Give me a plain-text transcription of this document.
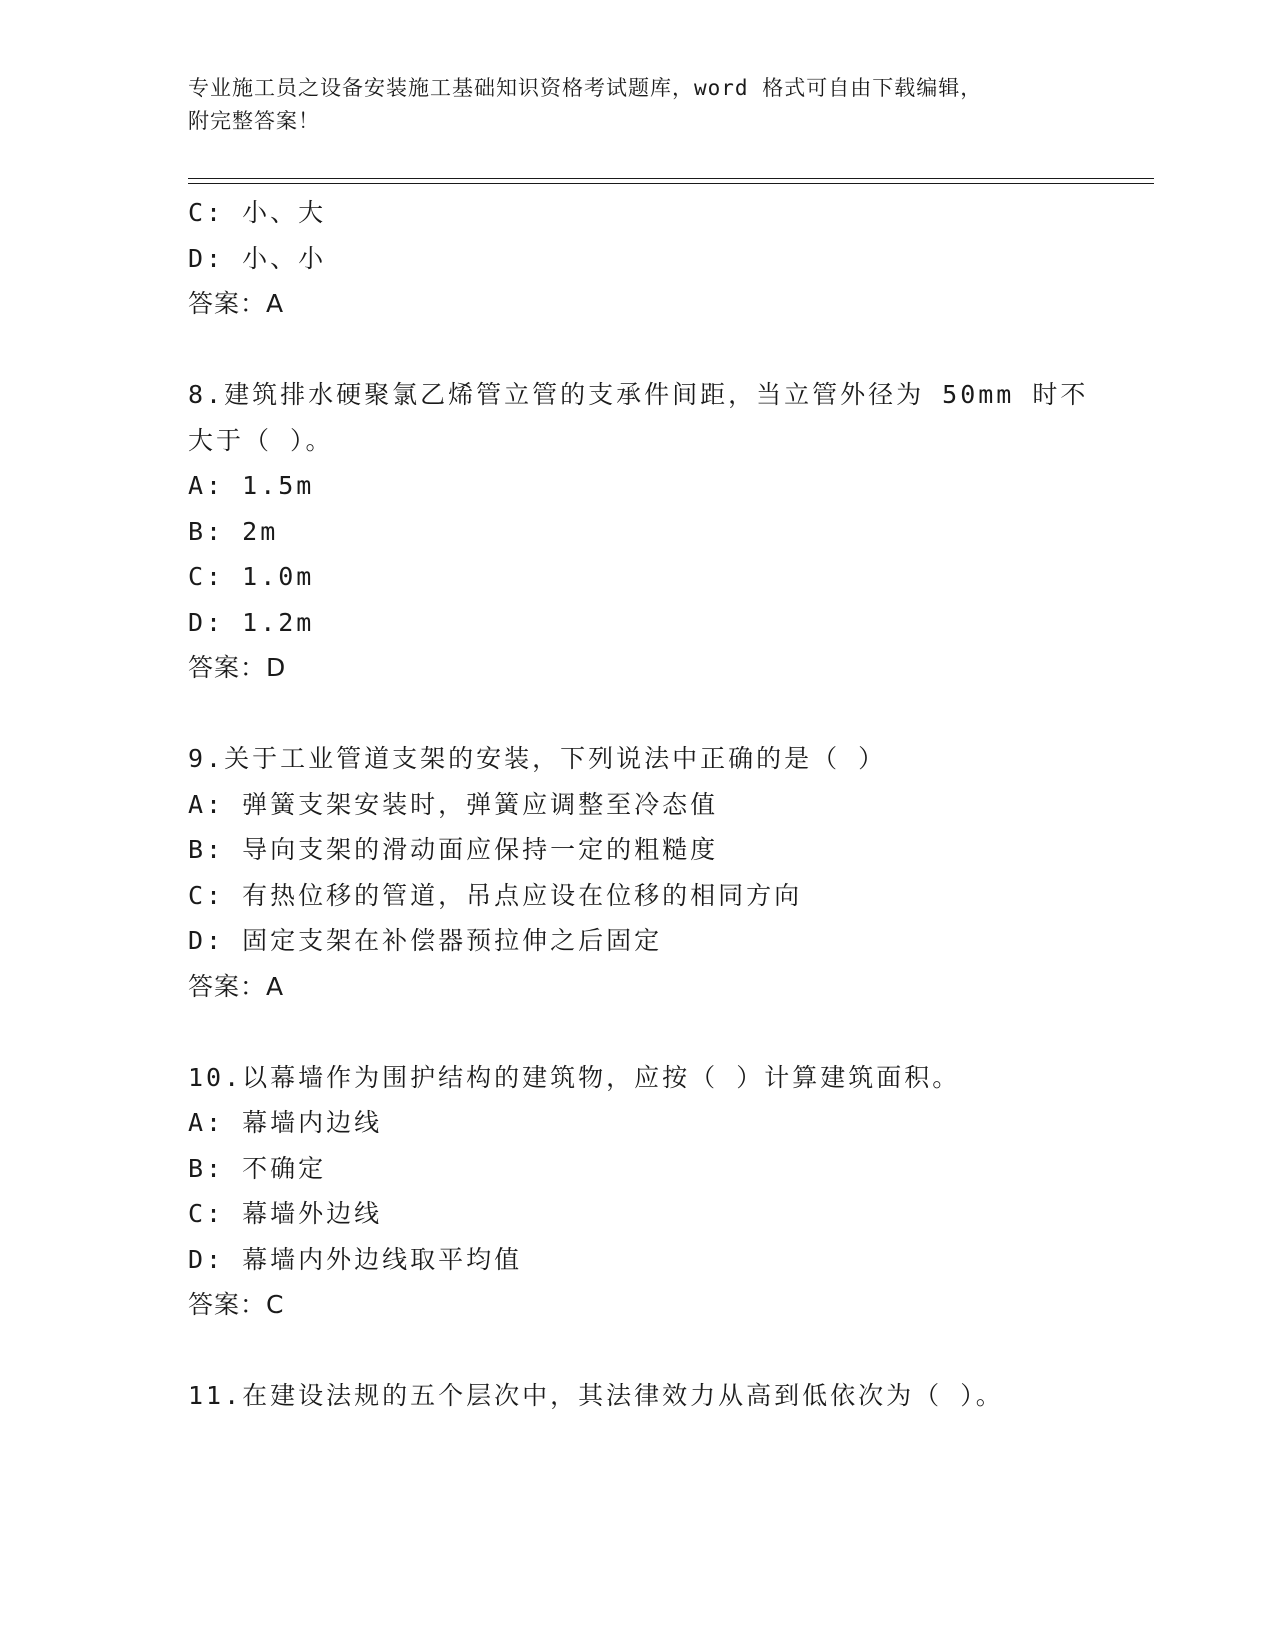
专业施工员之设备安装施工基础知识资格考试题库，word 格式可自由下载编辑，
附完整答案！
C: 小、大
D: 小、小
答案：A
8.建筑排水硬聚氯乙烯管立管的支承件间距，当立管外径为 50mm 时不
大于（ ）。
A: 1.5m
B: 2m
C: 1.0m
D: 1.2m
答案：D
9.关于工业管道支架的安装，下列说法中正确的是（ ）
A: 弹簧支架安装时，弹簧应调整至冷态值
B: 导向支架的滑动面应保持一定的粗糙度
C: 有热位移的管道，吊点应设在位移的相同方向
D: 固定支架在补偿器预拉伸之后固定
答案：A
10.以幕墙作为围护结构的建筑物，应按（ ）计算建筑面积。
A: 幕墙内边线
B: 不确定
C: 幕墙外边线
D: 幕墙内外边线取平均值
答案：C
11.在建设法规的五个层次中，其法律效力从高到低依次为（ ）。
